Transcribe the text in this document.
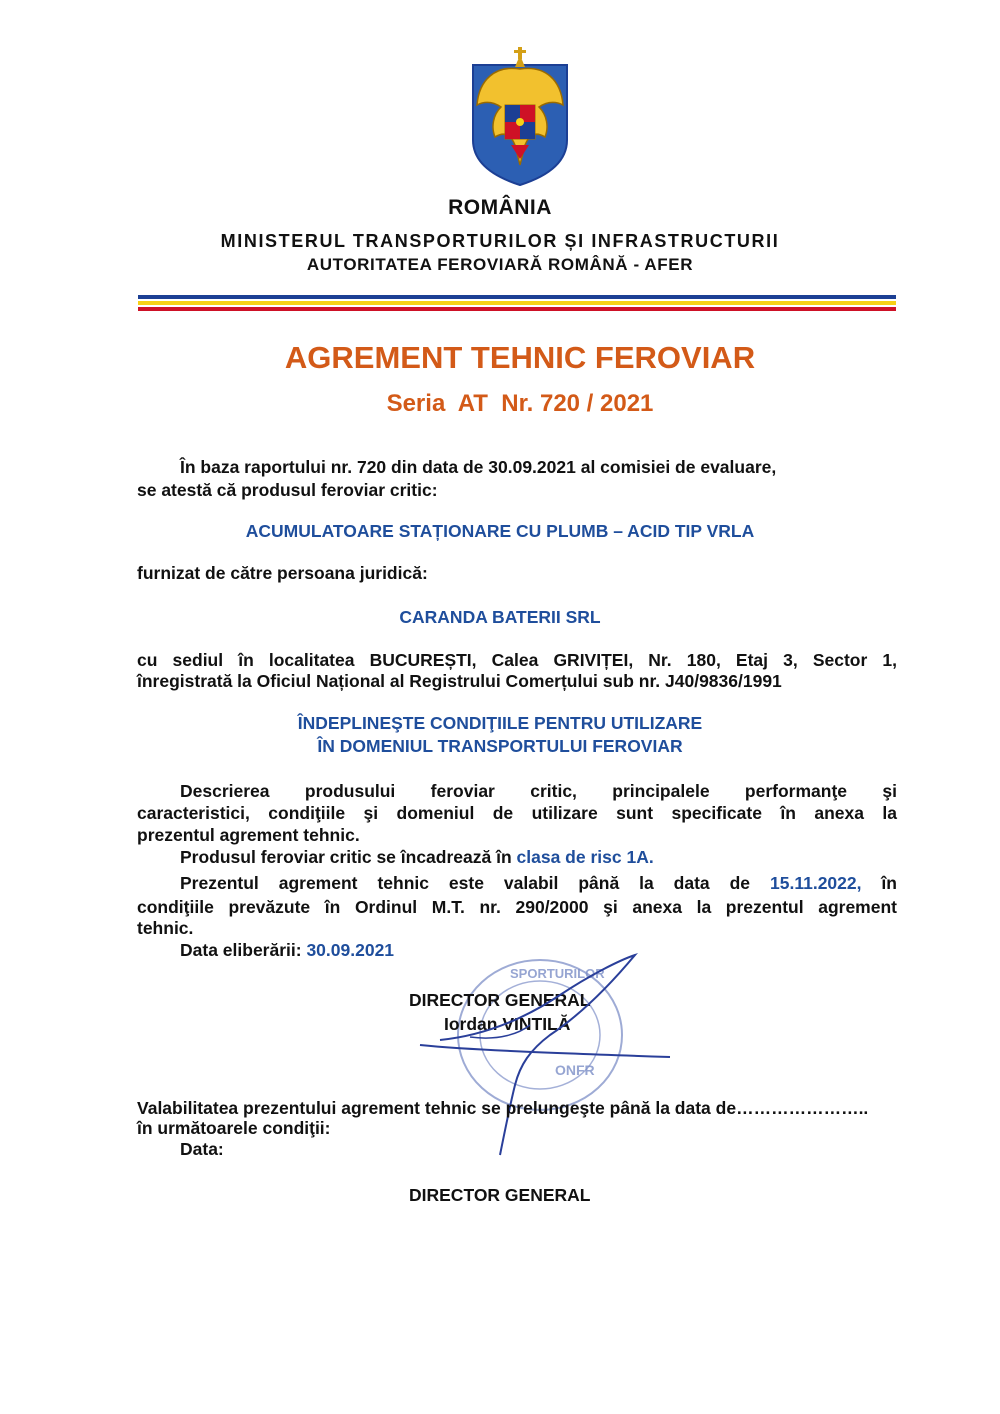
ROMÂNIA
MINISTERUL TRANSPORTURILOR ȘI INFRASTRUCTURII
AUTORITATEA FEROVIARĂ ROMÂNĂ - AFER
AGREMENT TEHNIC FEROVIAR
Seria  AT  Nr. 720 / 2021
În baza raportului nr. 720 din data de 30.09.2021 al comisiei de evaluare,
se atestă că produsul feroviar critic:
ACUMULATOARE STAȚIONARE CU PLUMB – ACID TIP VRLA
furnizat de către persoana juridică:
CARANDA BATERII SRL
cu sediul în localitatea BUCUREȘTI, Calea GRIVIȚEI, Nr. 180, Etaj 3, Sector 1,
înregistrată la Oficiul Național al Registrului Comerțului sub nr. J40/9836/1991
ÎNDEPLINEŞTE CONDIŢIILE PENTRU UTILIZARE
ÎN DOMENIUL TRANSPORTULUI FEROVIAR
Descrierea produsului feroviar critic, principalele performanţe şi
caracteristici, condiţiile şi domeniul de utilizare sunt specificate în anexa la
prezentul agrement tehnic.
Produsul feroviar critic se încadrează în clasa de risc 1A.
Prezentul agrement tehnic este valabil până la data de 15.11.2022, în
condiţiile prevăzute în Ordinul M.T. nr. 290/2000 şi anexa la prezentul agrement
tehnic.
Data eliberării: 30.09.2021
SPORTURILOR
ONFR
DIRECTOR GENERAL
Iordan VINTILĂ
Valabilitatea prezentului agrement tehnic se prelungeşte până la data de…………………..
în următoarele condiţii:
Data:
DIRECTOR GENERAL
